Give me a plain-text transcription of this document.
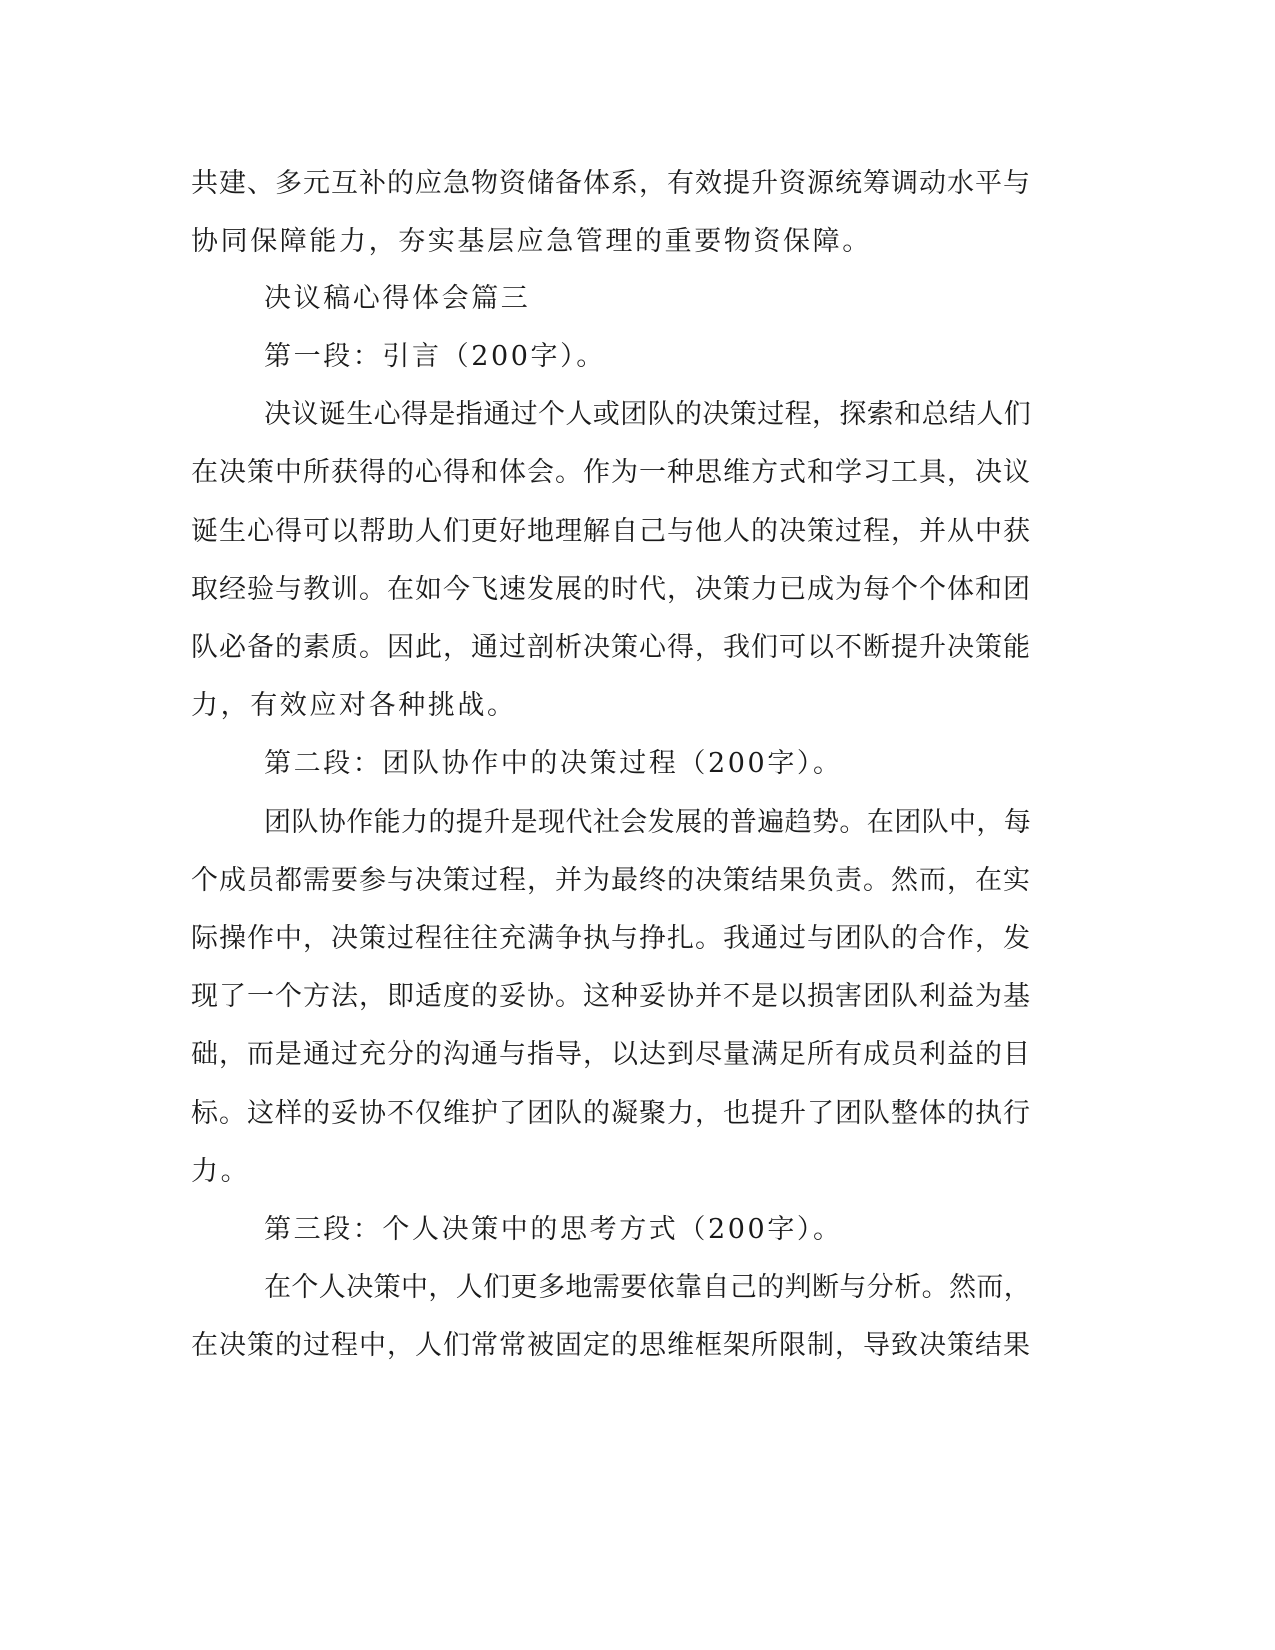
共建、多元互补的应急物资储备体系，有效提升资源统筹调动水平与
协同保障能力，夯实基层应急管理的重要物资保障。
决议稿心得体会篇三
第一段：引言（200字）。
决议诞生心得是指通过个人或团队的决策过程，探索和总结人们
在决策中所获得的心得和体会。作为一种思维方式和学习工具，决议
诞生心得可以帮助人们更好地理解自己与他人的决策过程，并从中获
取经验与教训。在如今飞速发展的时代，决策力已成为每个个体和团
队必备的素质。因此，通过剖析决策心得，我们可以不断提升决策能
力，有效应对各种挑战。
第二段：团队协作中的决策过程（200字）。
团队协作能力的提升是现代社会发展的普遍趋势。在团队中，每
个成员都需要参与决策过程，并为最终的决策结果负责。然而，在实
际操作中，决策过程往往充满争执与挣扎。我通过与团队的合作，发
现了一个方法，即适度的妥协。这种妥协并不是以损害团队利益为基
础，而是通过充分的沟通与指导，以达到尽量满足所有成员利益的目
标。这样的妥协不仅维护了团队的凝聚力，也提升了团队整体的执行
力。
第三段：个人决策中的思考方式（200字）。
在个人决策中，人们更多地需要依靠自己的判断与分析。然而，
在决策的过程中，人们常常被固定的思维框架所限制，导致决策结果
